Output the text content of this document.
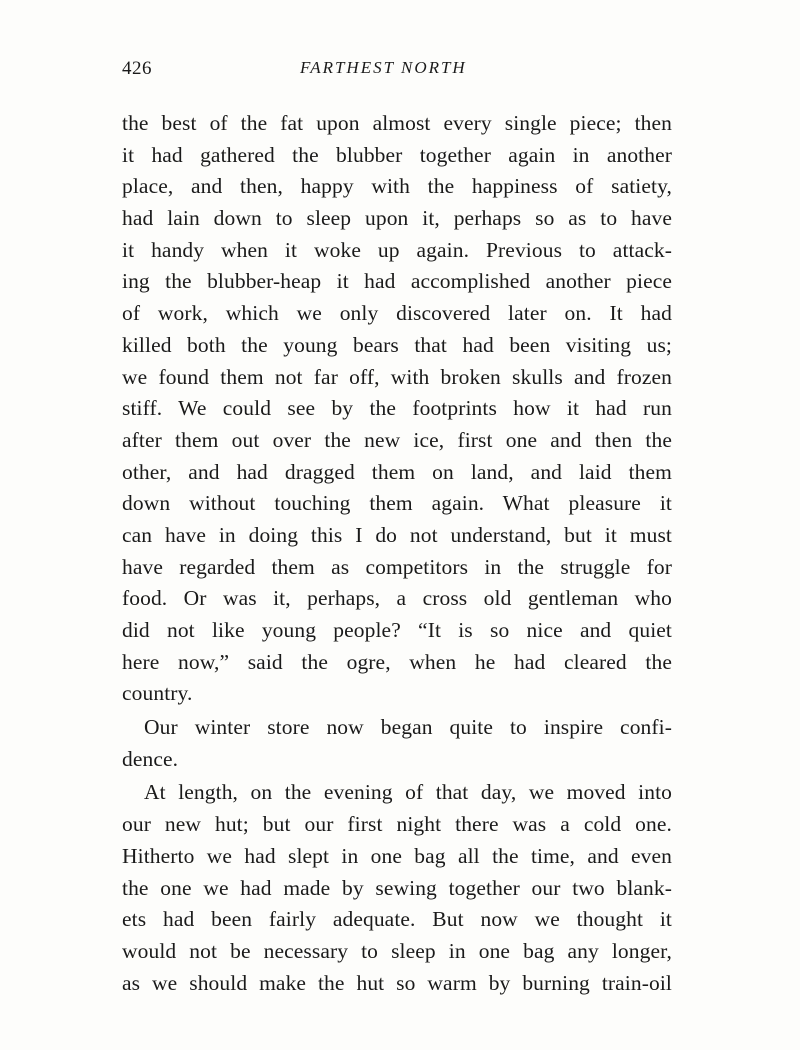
426	FARTHEST NORTH
the best of the fat upon almost every single piece; then
it had gathered the blubber together again in another
place, and then, happy with the happiness of satiety,
had lain down to sleep upon it, perhaps so as to have
it handy when it woke up again. Previous to attack-
ing the blubber-heap it had accomplished another piece
of work, which we only discovered later on. It had
killed both the young bears that had been visiting us;
we found them not far off, with broken skulls and frozen
stiff. We could see by the footprints how it had run
after them out over the new ice, first one and then the
other, and had dragged them on land, and laid them
down without touching them again. What pleasure it
can have in doing this I do not understand, but it must
have regarded them as competitors in the struggle for
food. Or was it, perhaps, a cross old gentleman who
did not like young people? “It is so nice and quiet
here now,” said the ogre, when he had cleared the
country.
Our winter store now began quite to inspire confi-
dence.
At length, on the evening of that day, we moved into
our new hut; but our first night there was a cold one.
Hitherto we had slept in one bag all the time, and even
the one we had made by sewing together our two blank-
ets had been fairly adequate. But now we thought it
would not be necessary to sleep in one bag any longer,
as we should make the hut so warm by burning train-oil
